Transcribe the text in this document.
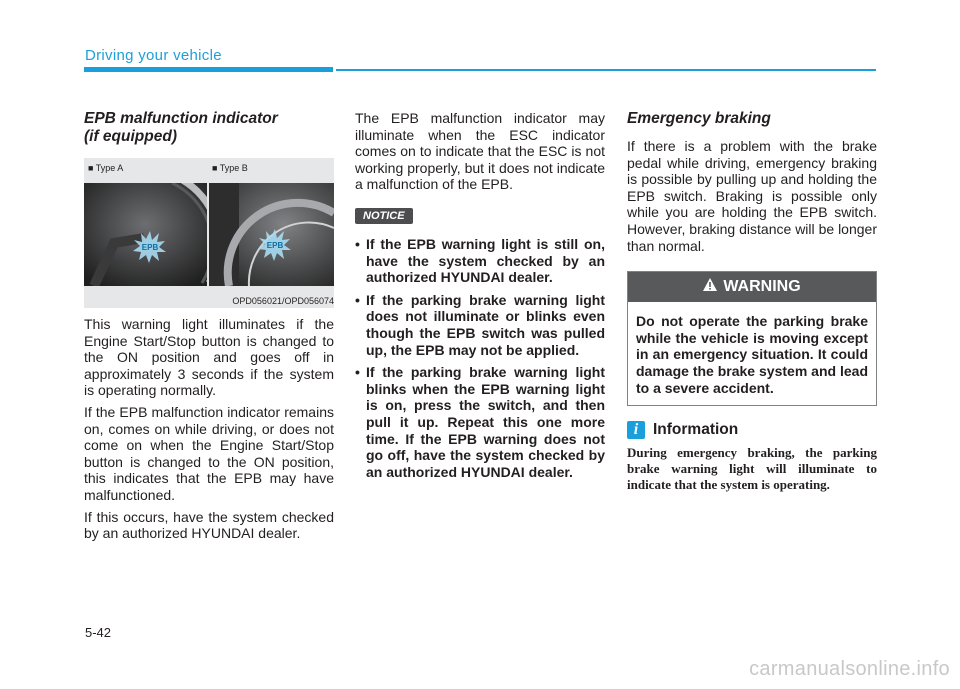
Driving your vehicle
EPB malfunction indicator
(if equipped)
■ Type A	■ Type B
EPB	EPB
OPD056021/OPD056074

This warning light illuminates if the Engine Start/Stop button is changed to the ON position and goes off in approximately 3 seconds if the system is operating normally.

If the EPB malfunction indicator remains on, comes on while driving, or does not come on when the Engine Start/Stop button is changed to the ON position, this indicates that the EPB may have malfunctioned.

If this occurs, have the system checked by an authorized HYUNDAI dealer.

The EPB malfunction indicator may illuminate when the ESC indicator comes on to indicate that the ESC is not working properly, but it does not indicate a malfunction of the EPB.

NOTICE
• If the EPB warning light is still on, have the system checked by an authorized HYUNDAI dealer.
• If the parking brake warning light does not illuminate or blinks even though the EPB switch was pulled up, the EPB may not be applied.
• If the parking brake warning light blinks when the EPB warning light is on, press the switch, and then pull it up. Repeat this one more time. If the EPB warning does not go off, have the system checked by an authorized HYUNDAI dealer.
Emergency braking

If there is a problem with the brake pedal while driving, emergency braking is possible by pulling up and holding the EPB switch. Braking is possible only while you are holding the EPB switch. However, braking distance will be longer than normal.

WARNING
Do not operate the parking brake while the vehicle is moving except in an emergency situation. It could damage the brake system and lead to a severe accident.
i Information
During emergency braking, the parking brake warning light will illuminate to indicate that the system is operating.
5-42
carmanualsonline.info
